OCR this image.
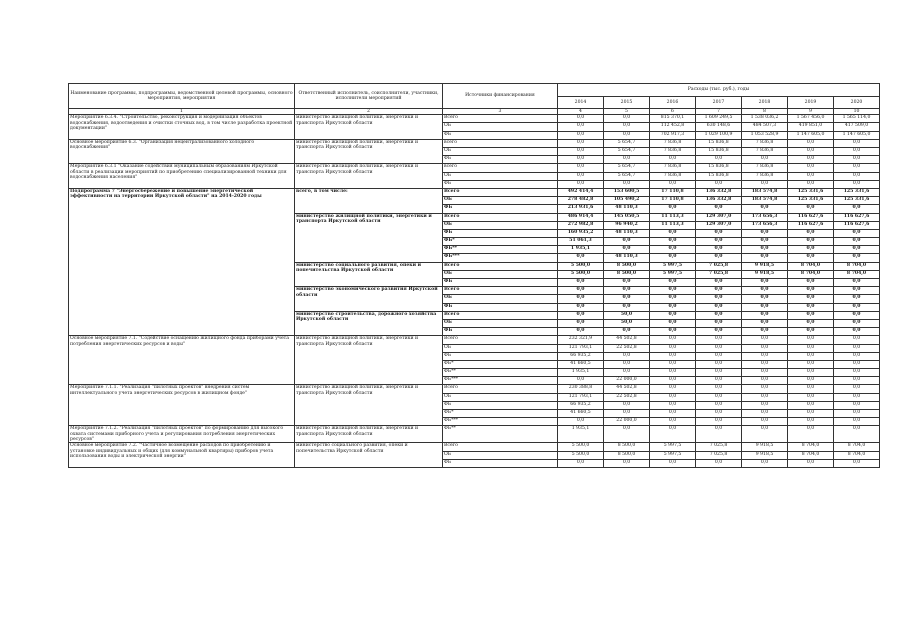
Наименование программы, подпрограммы, ведомственной целевой программы, основного мероприятия, мероприятия	Ответственный исполнитель, соисполнители, участники, исполнители мероприятий	Источники финансирования	Расходы (тыс. руб.), годы						
			2014	2015	2016	2017	2018	2019	2020
1	2	3	4	5	6	7	8	9	10
Мероприятие 6.3.4. "Строительство, реконструкция и модернизация объектов водоснабжения, водоотведения и очистки сточных вод, в том числе разработка проектной документации"	министерство жилищной политики, энергетики и транспорта Иркутской области	Всего	0,0	0,0	815 370,1	1 609 249,5	1 538 036,2	1 567 456,0	1 565 114,0
		ОБ	0,0	0,0	112 452,8	630 148,6	484 507,3	419 851,0	417 509,0
		ФБ	0,0	0,0	702 917,3	1 029 100,9	1 053 528,9	1 147 605,0	1 147 605,0
Основное мероприятие 6.3. "Организация нецентрализованного холодного водоснабжения"	министерство жилищной политики, энергетики и транспорта Иркутской области	всего	0,0	5 654,7	7 836,8	15 836,8	7 836,8	0,0	0,0
		ОБ	0,0	5 654,7	7 836,8	15 836,8	7 836,8	0,0	0,0
		ФБ	0,0	0,0	0,0	0,0	0,0	0,0	0,0
Мероприятие 6.3.1 "Оказание содействия муниципальным образованиям Иркутской области в реализации мероприятий по приобретению специализированной техники для водоснабжения населения"	министерство жилищной политики, энергетики и транспорта Иркутской области	всего	0,0	5 654,7	7 836,8	15 836,8	7 836,8	0,0	0,0
		ОБ	0,0	5 654,7	7 836,8	15 836,8	7 836,8	0,0	0,0
		ФБ	0,0	0,0	0,0	0,0	0,0	0,0	0,0
Подпрограмма 7 "Энергосбережение и повышение энергетической эффективности на территории Иркутской области" на 2014-2020 годы	всего, в том числе:	Всего	492 414,4	153 600,5	17 110,8	136 332,8	183 574,8	125 331,6	125 331,6
		ОБ	278 482,8	105 490,2	17 110,8	136 332,8	183 574,8	125 331,6	125 331,6
		ФБ	213 931,6	48 110,3	0,0	0,0	0,0	0,0	0,0
	министерство жилищной политики, энергетики и транспорта Иркутской области	Всего	486 914,4	145 050,5	11 113,3	129 307,0	173 656,3	116 627,6	116 627,6
		ОБ	272 982,8	96 940,2	11 113,3	129 307,0	173 656,3	116 627,6	116 627,6
		ФБ	160 935,2	48 110,3	0,0	0,0	0,0	0,0	0,0
		ФБ*	51 061,3	0,0	0,0	0,0	0,0	0,0	0,0
		ФБ**	1 935,1	0,0	0,0	0,0	0,0	0,0	0,0
		ФБ***	0,0	48 110,3	0,0	0,0	0,0	0,0	0,0
	министерство социального развития, опеки и попечительства Иркутской области	Всего	5 500,0	8 500,0	5 997,5	7 025,8	9 918,5	8 704,0	8 704,0
		ОБ	5 500,0	8 500,0	5 997,5	7 025,8	9 918,5	8 704,0	8 704,0
		ФБ	0,0	0,0	0,0	0,0	0,0	0,0	0,0
	министерство экономического развития Иркутской области	Всего	0,0	0,0	0,0	0,0	0,0	0,0	0,0
		ОБ	0,0	0,0	0,0	0,0	0,0	0,0	0,0
		ФБ	0,0	0,0	0,0	0,0	0,0	0,0	0,0
	министерство строительства, дорожного хозяйства Иркутской области	Всего	0,0	50,0	0,0	0,0	0,0	0,0	0,0
		ОБ	0,0	50,0	0,0	0,0	0,0	0,0	0,0
		ФБ	0,0	0,0	0,0	0,0	0,0	0,0	0,0
Основное мероприятие 7.1. "Содействие оснащению жилищного фонда приборами учета потребления энергетических ресурсов и воды"	министерство жилищной политики, энергетики и транспорта Иркутской области	Всего	232 321,9	44 502,8	0,0	0,0	0,0	0,0	0,0
		ОБ	121 793,1	22 502,8	0,0	0,0	0,0	0,0	0,0
		ФБ	66 935,2	0,0	0,0	0,0	0,0	0,0	0,0
		ФБ*	41 660,5	0,0	0,0	0,0	0,0	0,0	0,0
		ФБ**	1 935,1	0,0	0,0	0,0	0,0	0,0	0,0
		ФБ***	0,0	22 000,0	0,0	0,0	0,0	0,0	0,0
Мероприятие 7.1.1. "Реализация "пилотных проектов" внедрения систем интеллектуального учета энергетических ресурсов в жилищном фонде"	министерство жилищной политики, энергетики и транспорта Иркутской области	Всего	230 388,8	44 502,8	0,0	0,0	0,0	0,0	0,0
		ОБ	121 793,1	22 502,8	0,0	0,0	0,0	0,0	0,0
		ФБ	66 935,2	0,0	0,0	0,0	0,0	0,0	0,0
		ФБ*	41 660,5	0,0	0,0	0,0	0,0	0,0	0,0
		ФБ***	0,0	22 000,0	0,0	0,0	0,0	0,0	0,0
Мероприятие 7.1.2. "Реализация "пилотных проектов" по формированию для высокого охвата системами приборного учета и регулирования потребления энергетических ресурсов"	министерство жилищной политики, энергетики и транспорта Иркутской области	ФБ**	1 935,1	0,0	0,0	0,0	0,0	0,0	0,0
Основное мероприятие 7.2. "Частичное возмещение расходов по приобретению и установке индивидуальных и общих (для коммунальной квартиры) приборов учета использования воды и электрической энергии"	министерство социального развития, опеки и попечительства Иркутской области	Всего	5 500,0	8 500,0	5 997,5	7 025,8	9 918,5	8 704,0	8 704,0
		ОБ	5 500,0	8 500,0	5 997,5	7 025,8	9 918,5	8 704,0	8 704,0
		ФБ	0,0	0,0	0,0	0,0	0,0	0,0	0,0
